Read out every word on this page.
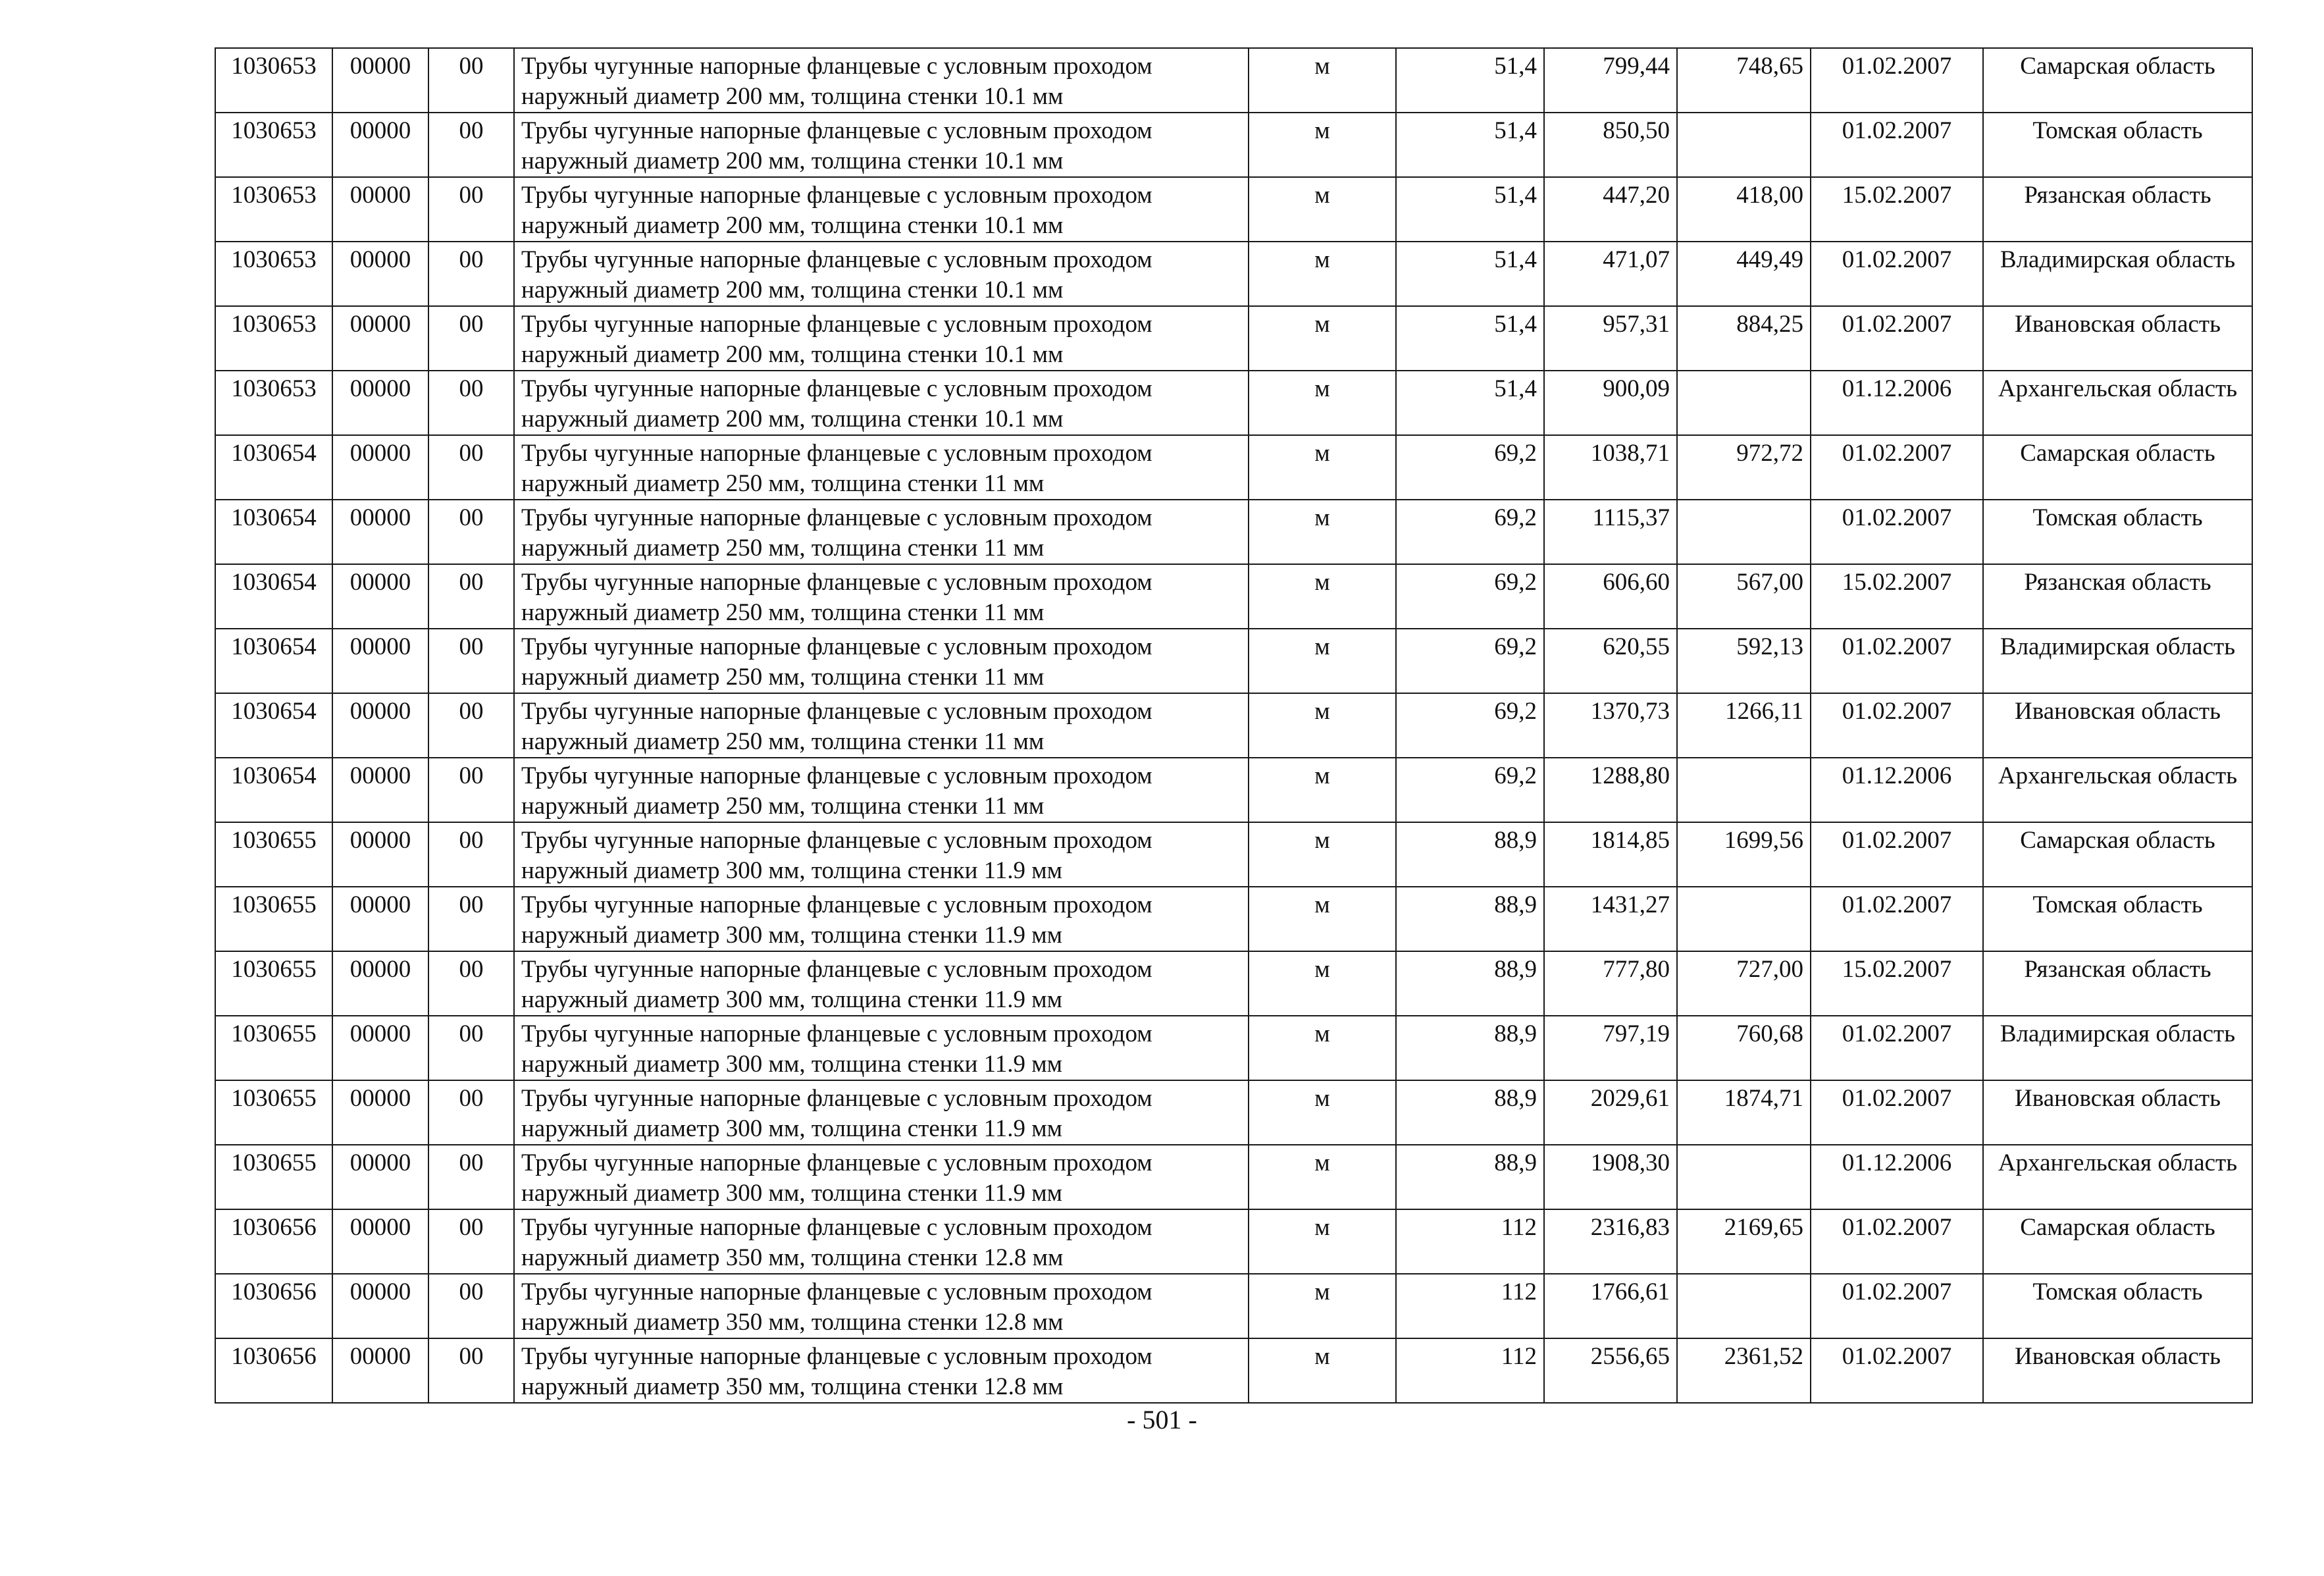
1030653	00000	00	Трубы чугунные напорные фланцевые с условным проходом наружный диаметр 200 мм, толщина стенки 10.1 мм	м	51,4	799,44	748,65	01.02.2007	Самарская область
1030653	00000	00	Трубы чугунные напорные фланцевые с условным проходом наружный диаметр 200 мм, толщина стенки 10.1 мм	м	51,4	850,50		01.02.2007	Томская область
1030653	00000	00	Трубы чугунные напорные фланцевые с условным проходом наружный диаметр 200 мм, толщина стенки 10.1 мм	м	51,4	447,20	418,00	15.02.2007	Рязанская область
1030653	00000	00	Трубы чугунные напорные фланцевые с условным проходом наружный диаметр 200 мм, толщина стенки 10.1 мм	м	51,4	471,07	449,49	01.02.2007	Владимирская область
1030653	00000	00	Трубы чугунные напорные фланцевые с условным проходом наружный диаметр 200 мм, толщина стенки 10.1 мм	м	51,4	957,31	884,25	01.02.2007	Ивановская область
1030653	00000	00	Трубы чугунные напорные фланцевые с условным проходом наружный диаметр 200 мм, толщина стенки 10.1 мм	м	51,4	900,09		01.12.2006	Архангельская область
1030654	00000	00	Трубы чугунные напорные фланцевые с условным проходом наружный диаметр 250 мм, толщина стенки 11 мм	м	69,2	1038,71	972,72	01.02.2007	Самарская область
1030654	00000	00	Трубы чугунные напорные фланцевые с условным проходом наружный диаметр 250 мм, толщина стенки 11 мм	м	69,2	1115,37		01.02.2007	Томская область
1030654	00000	00	Трубы чугунные напорные фланцевые с условным проходом наружный диаметр 250 мм, толщина стенки 11 мм	м	69,2	606,60	567,00	15.02.2007	Рязанская область
1030654	00000	00	Трубы чугунные напорные фланцевые с условным проходом наружный диаметр 250 мм, толщина стенки 11 мм	м	69,2	620,55	592,13	01.02.2007	Владимирская область
1030654	00000	00	Трубы чугунные напорные фланцевые с условным проходом наружный диаметр 250 мм, толщина стенки 11 мм	м	69,2	1370,73	1266,11	01.02.2007	Ивановская область
1030654	00000	00	Трубы чугунные напорные фланцевые с условным проходом наружный диаметр 250 мм, толщина стенки 11 мм	м	69,2	1288,80		01.12.2006	Архангельская область
1030655	00000	00	Трубы чугунные напорные фланцевые с условным проходом наружный диаметр 300 мм, толщина стенки 11.9 мм	м	88,9	1814,85	1699,56	01.02.2007	Самарская область
1030655	00000	00	Трубы чугунные напорные фланцевые с условным проходом наружный диаметр 300 мм, толщина стенки 11.9 мм	м	88,9	1431,27		01.02.2007	Томская область
1030655	00000	00	Трубы чугунные напорные фланцевые с условным проходом наружный диаметр 300 мм, толщина стенки 11.9 мм	м	88,9	777,80	727,00	15.02.2007	Рязанская область
1030655	00000	00	Трубы чугунные напорные фланцевые с условным проходом наружный диаметр 300 мм, толщина стенки 11.9 мм	м	88,9	797,19	760,68	01.02.2007	Владимирская область
1030655	00000	00	Трубы чугунные напорные фланцевые с условным проходом наружный диаметр 300 мм, толщина стенки 11.9 мм	м	88,9	2029,61	1874,71	01.02.2007	Ивановская область
1030655	00000	00	Трубы чугунные напорные фланцевые с условным проходом наружный диаметр 300 мм, толщина стенки 11.9 мм	м	88,9	1908,30		01.12.2006	Архангельская область
1030656	00000	00	Трубы чугунные напорные фланцевые с условным проходом наружный диаметр 350 мм, толщина стенки 12.8 мм	м	112	2316,83	2169,65	01.02.2007	Самарская область
1030656	00000	00	Трубы чугунные напорные фланцевые с условным проходом наружный диаметр 350 мм, толщина стенки 12.8 мм	м	112	1766,61		01.02.2007	Томская область
1030656	00000	00	Трубы чугунные напорные фланцевые с условным проходом наружный диаметр 350 мм, толщина стенки 12.8 мм	м	112	2556,65	2361,52	01.02.2007	Ивановская область
- 501 -
